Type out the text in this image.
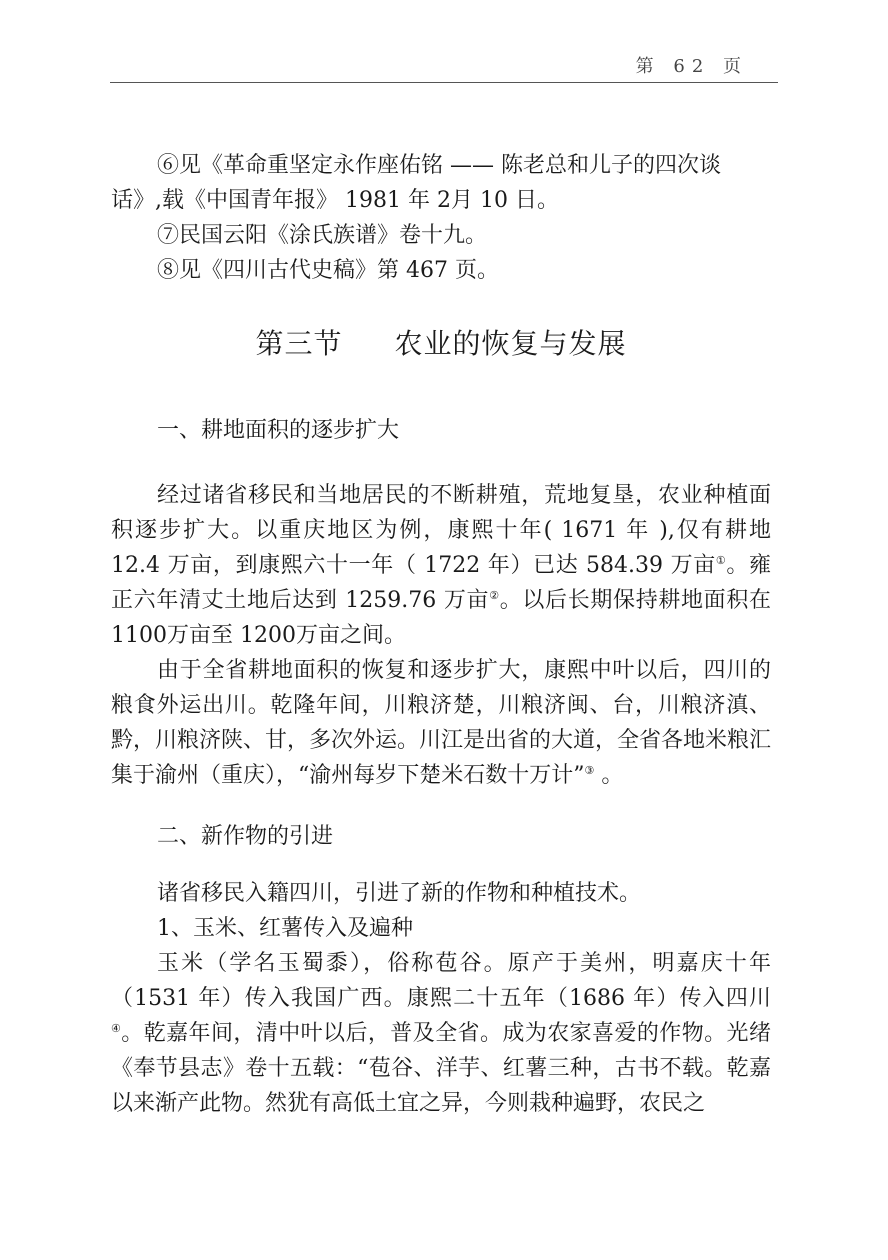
第 62 页

⑥见《革命重坚定永作座佑铭 —— 陈老总和儿子的四次谈话》,载《中国青年报》 1981 年 2月 10 日。

⑦民国云阳《涂氏族谱》卷十九。

⑧见《四川古代史稿》第 467 页。

第三节 农业的恢复与发展

一、耕地面积的逐步扩大

经过诸省移民和当地居民的不断耕殖，荒地复垦，农业种植面积逐步扩大。以重庆地区为例，康熙十年( 1671 年 ),仅有耕地 12.4 万亩，到康熙六十一年（ 1722 年）已达 584.39 万亩①。雍正六年清丈土地后达到 1259.76 万亩②。以后长期保持耕地面积在 1100万亩至 1200万亩之间。

由于全省耕地面积的恢复和逐步扩大，康熙中叶以后，四川的粮食外运出川。乾隆年间，川粮济楚，川粮济闽、台，川粮济滇、黔，川粮济陕、甘，多次外运。川江是出省的大道，全省各地米粮汇集于渝州（重庆），“渝州每岁下楚米石数十万计”③ 。

二、新作物的引进

诸省移民入籍四川，引进了新的作物和种植技术。

1、玉米、红薯传入及遍种

玉米（学名玉蜀黍），俗称苞谷。原产于美州，明嘉庆十年（1531 年）传入我国广西。康熙二十五年（1686 年）传入四川④。乾嘉年间，清中叶以后，普及全省。成为农家喜爱的作物。光绪《奉节县志》卷十五载：“苞谷、洋芋、红薯三种，古书不载。乾嘉以来渐产此物。然犹有高低土宜之异，今则栽种遍野，农民之
